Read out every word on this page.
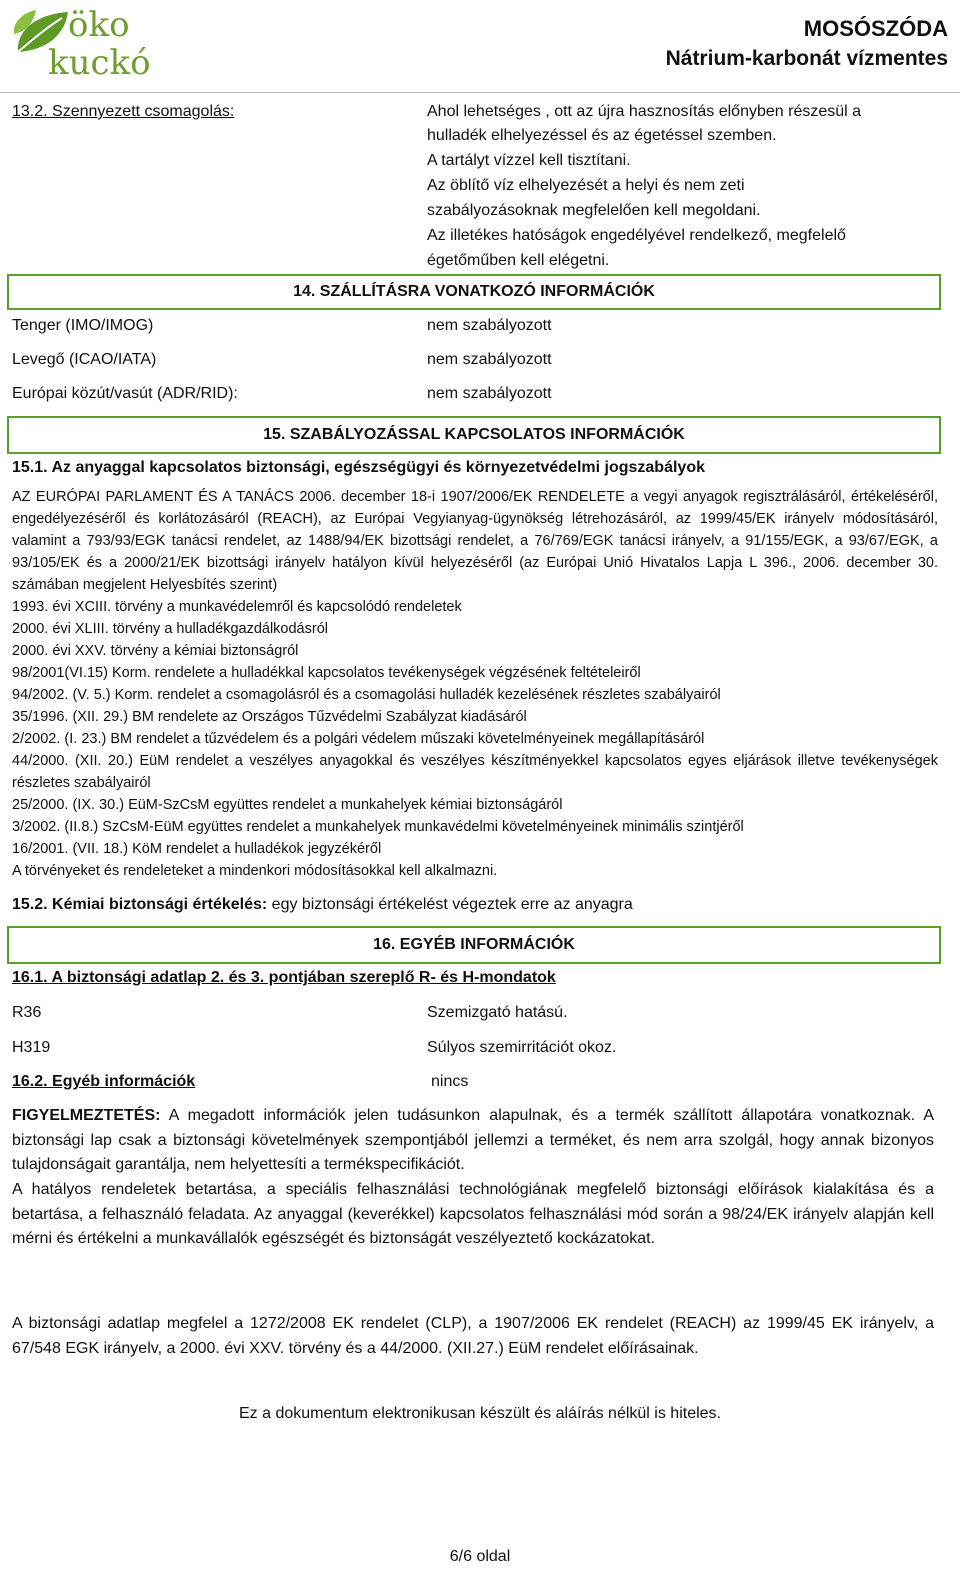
öko
kuckó
MOSÓSZÓDA
Nátrium-karbonát vízmentes
13.2. Szennyezett csomagolás:	Ahol lehetséges , ott az újra hasznosítás előnyben részesül a
hulladék elhelyezéssel és az égetéssel szemben.
A tartályt vízzel kell tisztítani.
Az öblítő víz elhelyezését a helyi és nem zeti
szabályozásoknak megfelelően kell megoldani.
Az illetékes hatóságok engedélyével rendelkező, megfelelő
égetőműben kell elégetni.
14. SZÁLLÍTÁSRA VONATKOZÓ INFORMÁCIÓK
Tenger (IMO/IMOG)	nem szabályozott
Levegő (ICAO/IATA)	nem szabályozott
Európai közút/vasút (ADR/RID):	nem szabályozott
15. SZABÁLYOZÁSSAL KAPCSOLATOS INFORMÁCIÓK
15.1. Az anyaggal kapcsolatos biztonsági, egészségügyi és környezetvédelmi jogszabályok

AZ EURÓPAI PARLAMENT ÉS A TANÁCS 2006. december 18-i 1907/2006/EK RENDELETE a vegyi anyagok regisztrálásáról, értékeléséről, engedélyezéséről és korlátozásáról (REACH), az Európai Vegyianyag-ügynökség létrehozásáról, az 1999/45/EK irányelv módosításáról, valamint a 793/93/EGK tanácsi rendelet, az 1488/94/EK bizottsági rendelet, a 76/769/EGK tanácsi irányelv, a 91/155/EGK, a 93/67/EGK, a 93/105/EK és a 2000/21/EK bizottsági irányelv hatályon kívül helyezéséről (az Európai Unió Hivatalos Lapja L 396., 2006. december 30. számában megjelent Helyesbítés szerint)

1993. évi XCIII. törvény a munkavédelemről és kapcsolódó rendeletek

2000. évi XLIII. törvény a hulladékgazdálkodásról

2000. évi XXV. törvény a kémiai biztonságról

98/2001(VI.15) Korm. rendelete a hulladékkal kapcsolatos tevékenységek végzésének feltételeiről

94/2002. (V. 5.) Korm. rendelet a csomagolásról és a csomagolási hulladék kezelésének részletes szabályairól

35/1996. (XII. 29.) BM rendelete az Országos Tűzvédelmi Szabályzat kiadásáról

2/2002. (I. 23.) BM rendelet a tűzvédelem és a polgári védelem műszaki követelményeinek megállapításáról

44/2000. (XII. 20.) EüM rendelet a veszélyes anyagokkal és veszélyes készítményekkel kapcsolatos egyes eljárások illetve tevékenységek részletes szabályairól

25/2000. (IX. 30.) EüM-SzCsM együttes rendelet a munkahelyek kémiai biztonságáról

3/2002. (II.8.) SzCsM-EüM együttes rendelet a munkahelyek munkavédelmi követelményeinek minimális szintjéről

16/2001. (VII. 18.) KöM rendelet a hulladékok jegyzékéről

A törvényeket és rendeleteket a mindenkori módosításokkal kell alkalmazni.

15.2. Kémiai biztonsági értékelés: egy biztonsági értékelést végeztek erre az anyagra
16. EGYÉB INFORMÁCIÓK
16.1. A biztonsági adatlap 2. és 3. pontjában szereplő R- és H-mondatok
R36	Szemizgató hatású.
H319	Súlyos szemirritációt okoz.
16.2. Egyéb információk	nincs

FIGYELMEZTETÉS: A megadott információk jelen tudásunkon alapulnak, és a termék szállított állapotára vonatkoznak. A biztonsági lap csak a biztonsági követelmények szempontjából jellemzi a terméket, és nem arra szolgál, hogy annak bizonyos tulajdonságait garantálja, nem helyettesíti a termékspecifikációt.

A hatályos rendeletek betartása, a speciális felhasználási technológiának megfelelő biztonsági előírások kialakítása és a betartása, a felhasználó feladata. Az anyaggal (keverékkel) kapcsolatos felhasználási mód során a 98/24/EK irányelv alapján kell mérni és értékelni a munkavállalók egészségét és biztonságát veszélyeztető kockázatokat.

A biztonsági adatlap megfelel a 1272/2008 EK rendelet (CLP), a 1907/2006 EK rendelet (REACH) az 1999/45 EK irányelv, a 67/548 EGK irányelv, a 2000. évi XXV. törvény és a 44/2000. (XII.27.) EüM rendelet előírásainak.

Ez a dokumentum elektronikusan készült és aláírás nélkül is hiteles.
6/6 oldal
